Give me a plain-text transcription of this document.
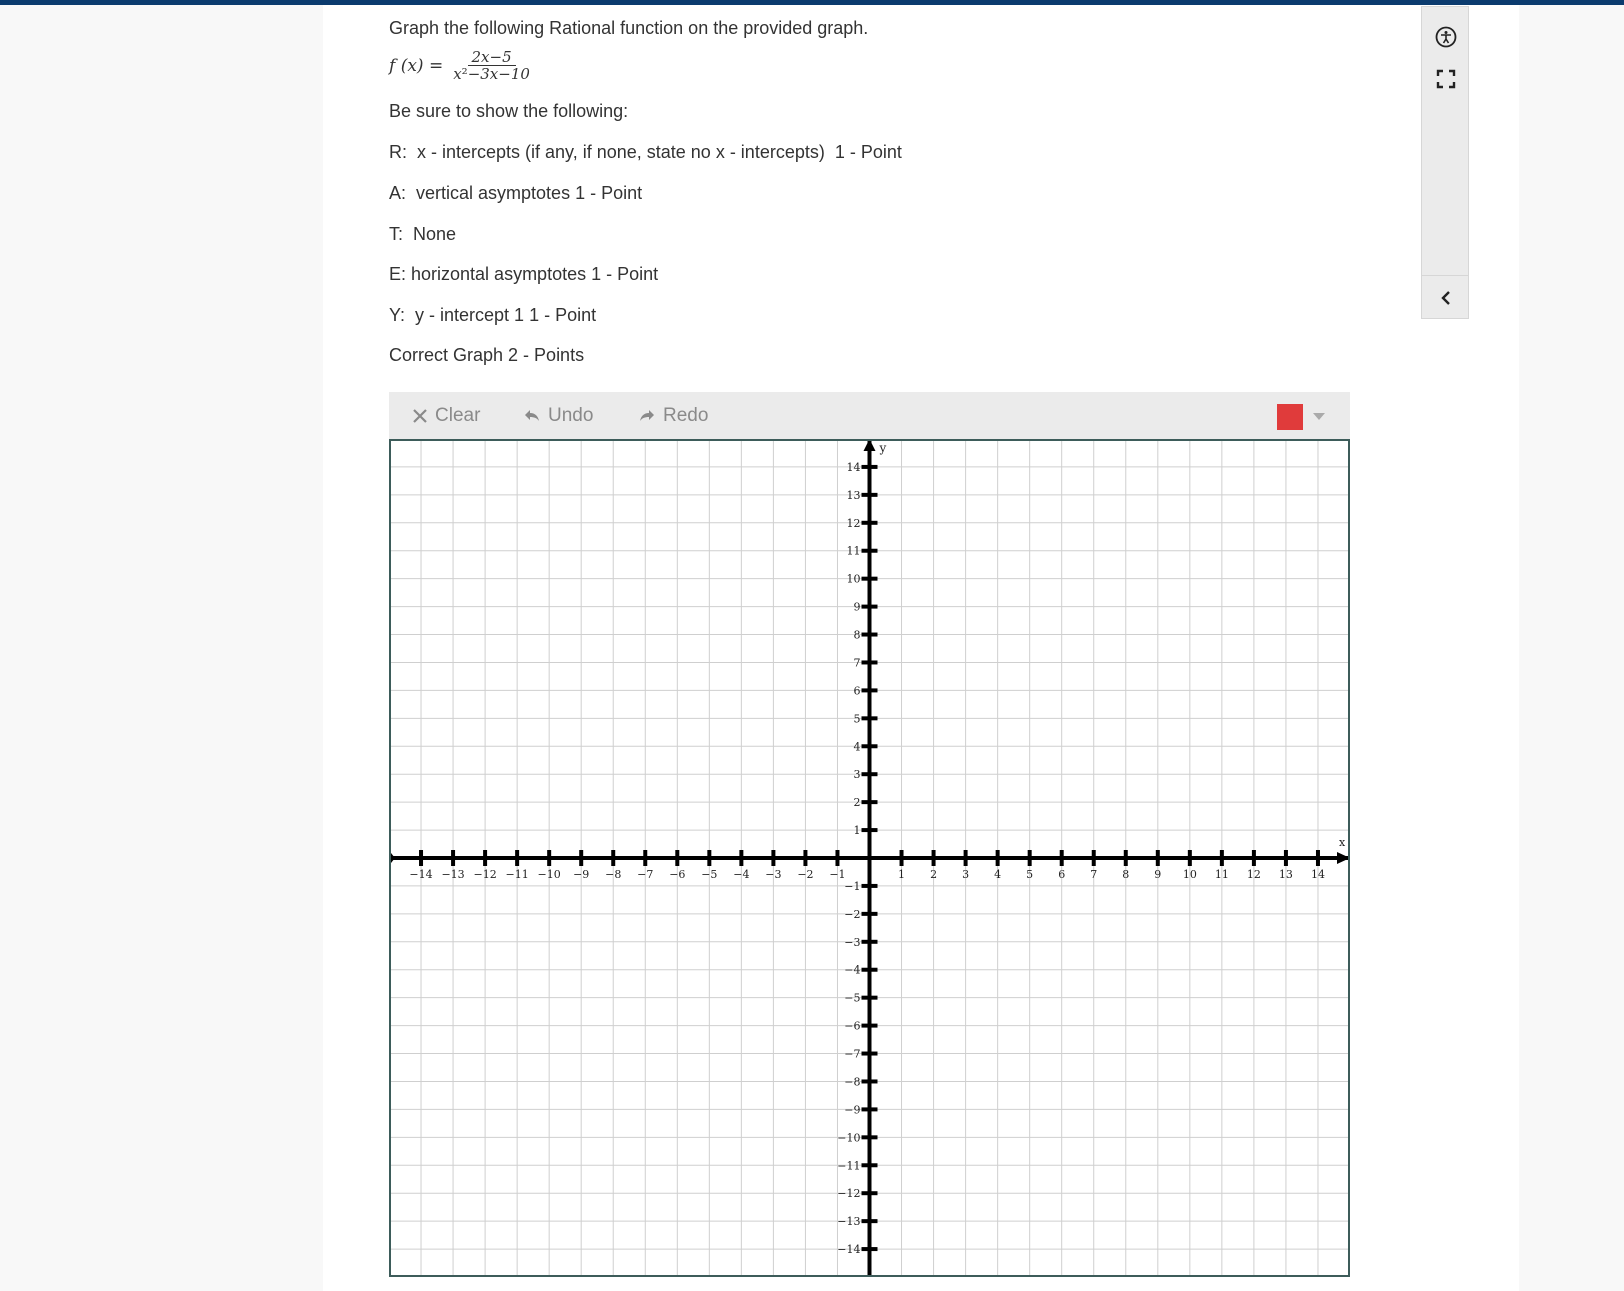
Graph the following Rational function on the provided graph.

f $(x) = \frac{2x-5}{\text{x²−3x−10}}$

Be sure to show the following:

R:  x - intercepts (if any, if none, state no x - intercepts)  1 - Point

A:  vertical asymptotes 1 - Point

T:  None

E: horizontal asymptotes 1 - Point

Y:  y - intercept 1 1 - Point

Correct Graph 2 - Points

Clear	Undo	Redo
x
y
−14 −13 −12 −11 −10 −9 −8 −7 −6 −5 −4 −3 −2 −1	1 2 3 4 5 6 7 8 9 10 11 12 13 14
14
13
12
11
10
9
8
7
6
5
4
3
2
1
−1
−2
−3
−4
−5
−6
−7
−8
−9
−10
−11
−12
−13
−14
